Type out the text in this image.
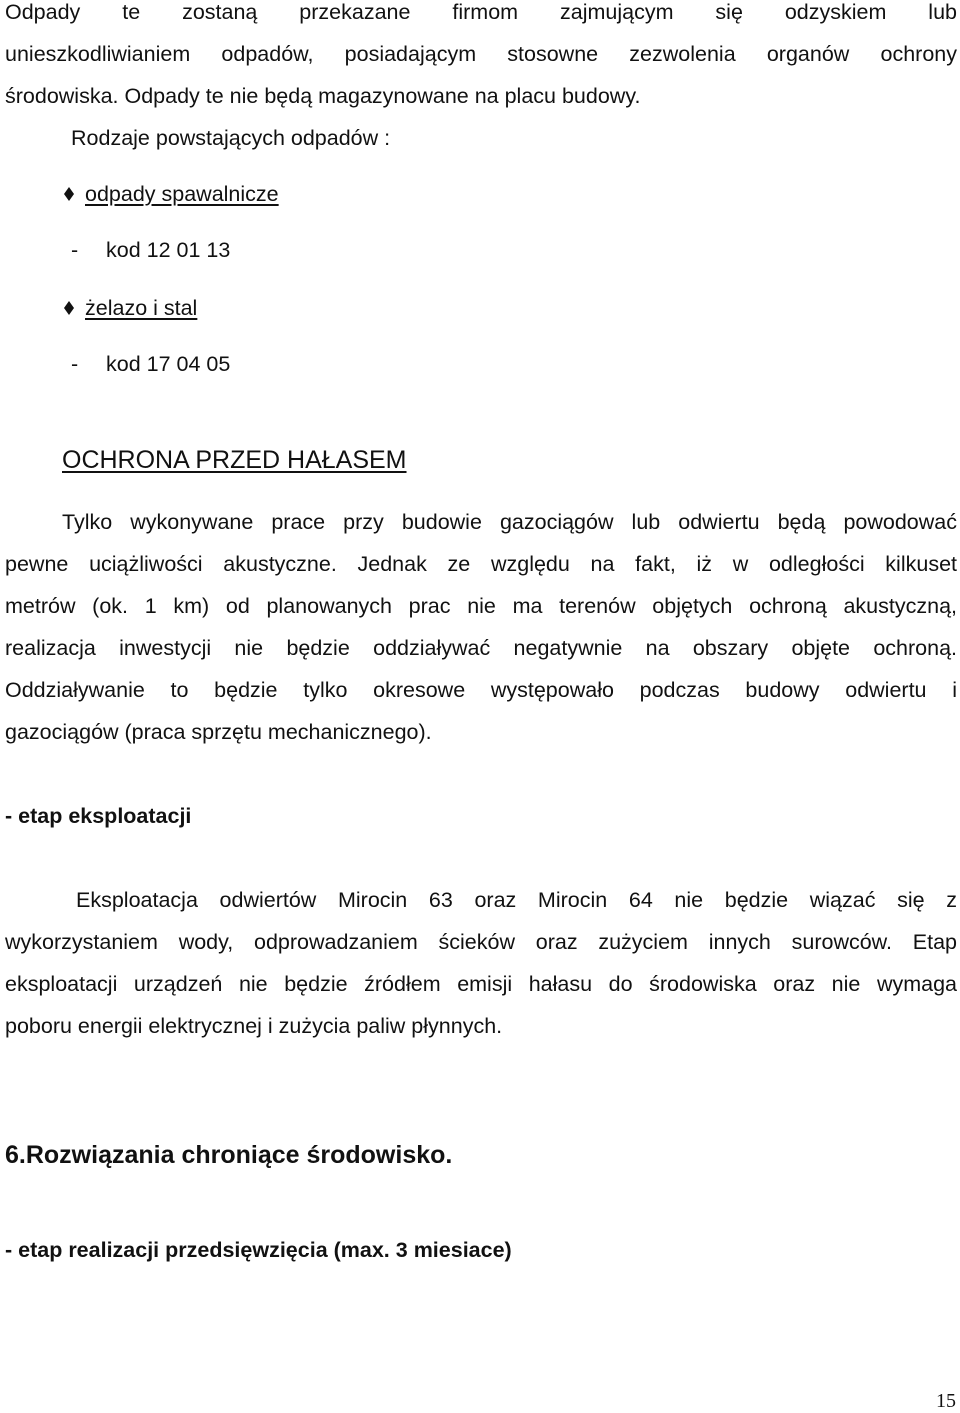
Odpady te zostaną przekazane firmom zajmującym się odzyskiem lub
unieszkodliwianiem odpadów, posiadającym stosowne zezwolenia organów ochrony
środowiska. Odpady te nie będą magazynowane na placu budowy.
Rodzaje powstających odpadów :
odpady spawalnicze
- kod 12 01 13
żelazo i stal
- kod 17 04 05
OCHRONA PRZED HAŁASEM
Tylko wykonywane prace przy budowie gazociągów lub odwiertu będą powodować
pewne uciążliwości akustyczne. Jednak ze względu na fakt, iż w odległości kilkuset
metrów (ok. 1 km) od planowanych prac nie ma terenów objętych ochroną akustyczną,
realizacja inwestycji nie będzie oddziaływać negatywnie na obszary objęte ochroną.
Oddziaływanie to będzie tylko okresowe występowało podczas budowy odwiertu i
gazociągów (praca sprzętu mechanicznego).
- etap eksploatacji
Eksploatacja odwiertów Mirocin 63 oraz Mirocin 64 nie będzie wiązać się z
wykorzystaniem wody, odprowadzaniem ścieków oraz zużyciem innych surowców. Etap
eksploatacji urządzeń nie będzie źródłem emisji hałasu do środowiska oraz nie wymaga
poboru energii elektrycznej i zużycia paliw płynnych.
6.Rozwiązania chroniące środowisko.
- etap realizacji przedsięwzięcia (max. 3 miesiace)
15
